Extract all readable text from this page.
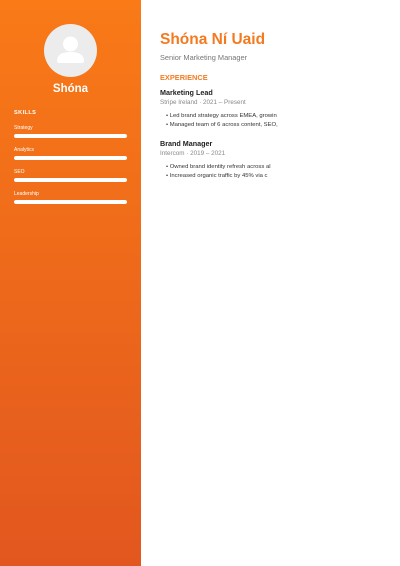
Shóna
SKILLS
Strategy
Analytics
SEO
Leadership
Shóna Ní Uaid
Senior Marketing Manager
EXPERIENCE
Marketing Lead
Stripe Ireland · 2021 – Present
• Led brand strategy across EMEA, growin
• Managed team of 6 across content, SEO,
Brand Manager
Intercom · 2019 – 2021
• Owned brand identity refresh across al
• Increased organic traffic by 45% via c
